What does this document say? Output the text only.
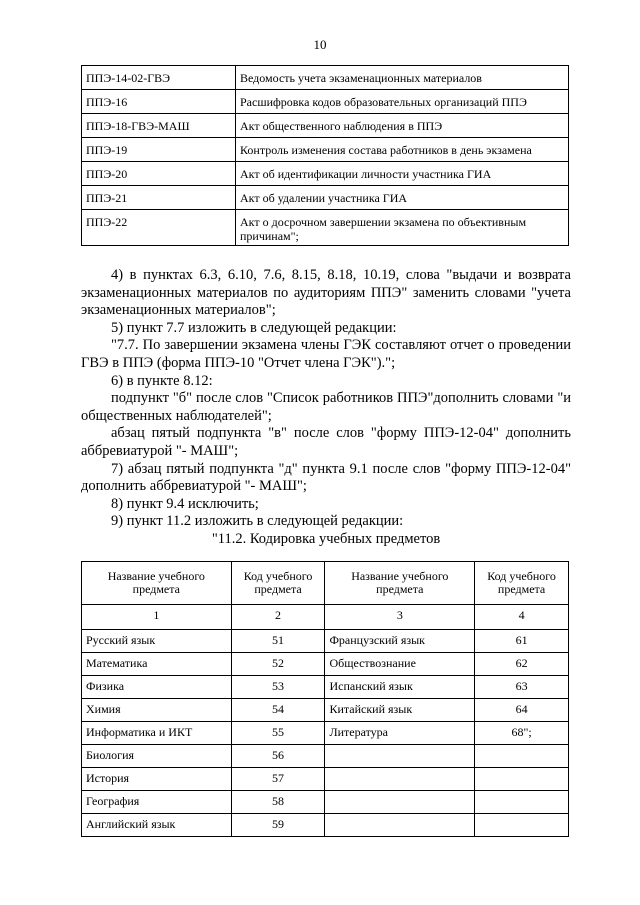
10
ППЭ-14-02-ГВЭ	Ведомость учета экзаменационных материалов
ППЭ-16	Расшифровка кодов образовательных организаций ППЭ
ППЭ-18-ГВЭ-МАШ	Акт общественного наблюдения в ППЭ
ППЭ-19	Контроль изменения состава работников в день экзамена
ППЭ-20	Акт об идентификации личности участника ГИА
ППЭ-21	Акт об удалении участника ГИА
ППЭ-22	Акт о досрочном завершении экзамена по объективным причинам";

4) в пунктах 6.3, 6.10, 7.6, 8.15, 8.18, 10.19, слова "выдачи и возврата экзаменационных материалов по аудиториям ППЭ" заменить словами "учета экзаменационных материалов";

5) пункт 7.7 изложить в следующей редакции:

"7.7. По завершении экзамена члены ГЭК составляют отчет о проведении ГВЭ в ППЭ (форма ППЭ-10 "Отчет члена ГЭК").";

6) в пункте 8.12:

подпункт "б" после слов "Список работников ППЭ"дополнить словами "и общественных наблюдателей";

абзац пятый подпункта "в" после слов "форму ППЭ-12-04" дополнить аббревиатурой "- МАШ";

7) абзац пятый подпункта "д" пункта 9.1 после слов "форму ППЭ-12-04" дополнить аббревиатурой "- МАШ";

8) пункт 9.4 исключить;

9) пункт 11.2 изложить в следующей редакции:

"11.2. Кодировка учебных предметов

Название учебного предмета	Код учебного предмета	Название учебного предмета	Код учебного предмета
1	2	3	4
Русский язык	51	Французский язык	61
Математика	52	Обществознание	62
Физика	53	Испанский язык	63
Химия	54	Китайский язык	64
Информатика и ИКТ	55	Литература	68";
Биология	56		
История	57		
География	58		
Английский язык	59		
